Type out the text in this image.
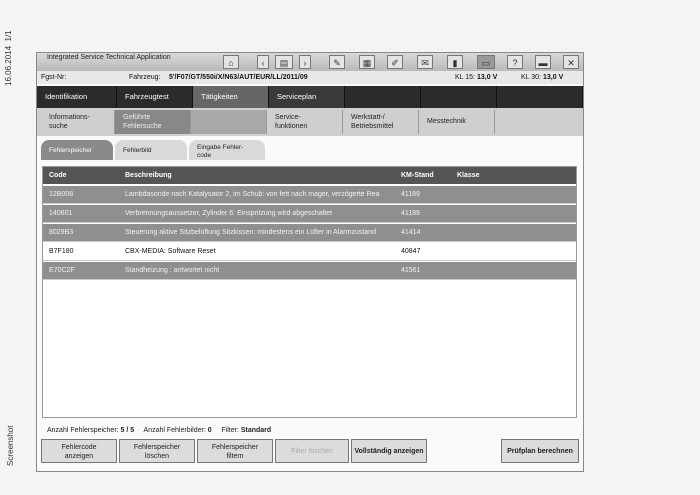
16.06.2014  1/1
Screenshot
Integrated Service Technical Application
⌂	‹	▤	›	✎	▦	✐	✉	▮	▭	?	▬	✕
Fgst-Nr:	Fahrzeug: 5'/F07/GT/550i/X/N63/AUT/EUR/LL/2011/09	KL 15: 13,0 V	KL 30: 13,0 V
Identifikation	Fahrzeugtest	Tätigkeiten	Serviceplan
Informations-
suche
Geführte
Fehlersuche
Programmierung /
Codierung
Service-
funktionen
Werkstatt-/
Betriebsmittel
Messtechnik
Fehlerspeicher	Fehlerbild	Eingabe Fehler-
code
Code	Beschreibung	KM-Stand	Klasse
12B008	Lambdasonde nach Katalysator 2, im Schub: von fett nach mager, verzögerte Rea	41189
140601	Verbrennungsaussetzer, Zylinder 6: Einspritzung wird abgeschaltet	41189
8029B3	Steuerung aktive Sitzbelüftung Sitzkissen: mindestens ein Lüfter in Alarmzustand	41414
B7F180	CBX-MEDIA: Software Reset	40847
E70C2F	Standheizung : antwortet nicht	41561
Anzahl Fehlerspeicher: 5 / 5 Anzahl Fehlerbilder: 0 Filter: Standard
Fehlercode
anzeigen
Fehlerspeicher
löschen
Fehlerspeicher
filtern
Filter löschen	Vollständig anzeigen	Prüfplan berechnen
